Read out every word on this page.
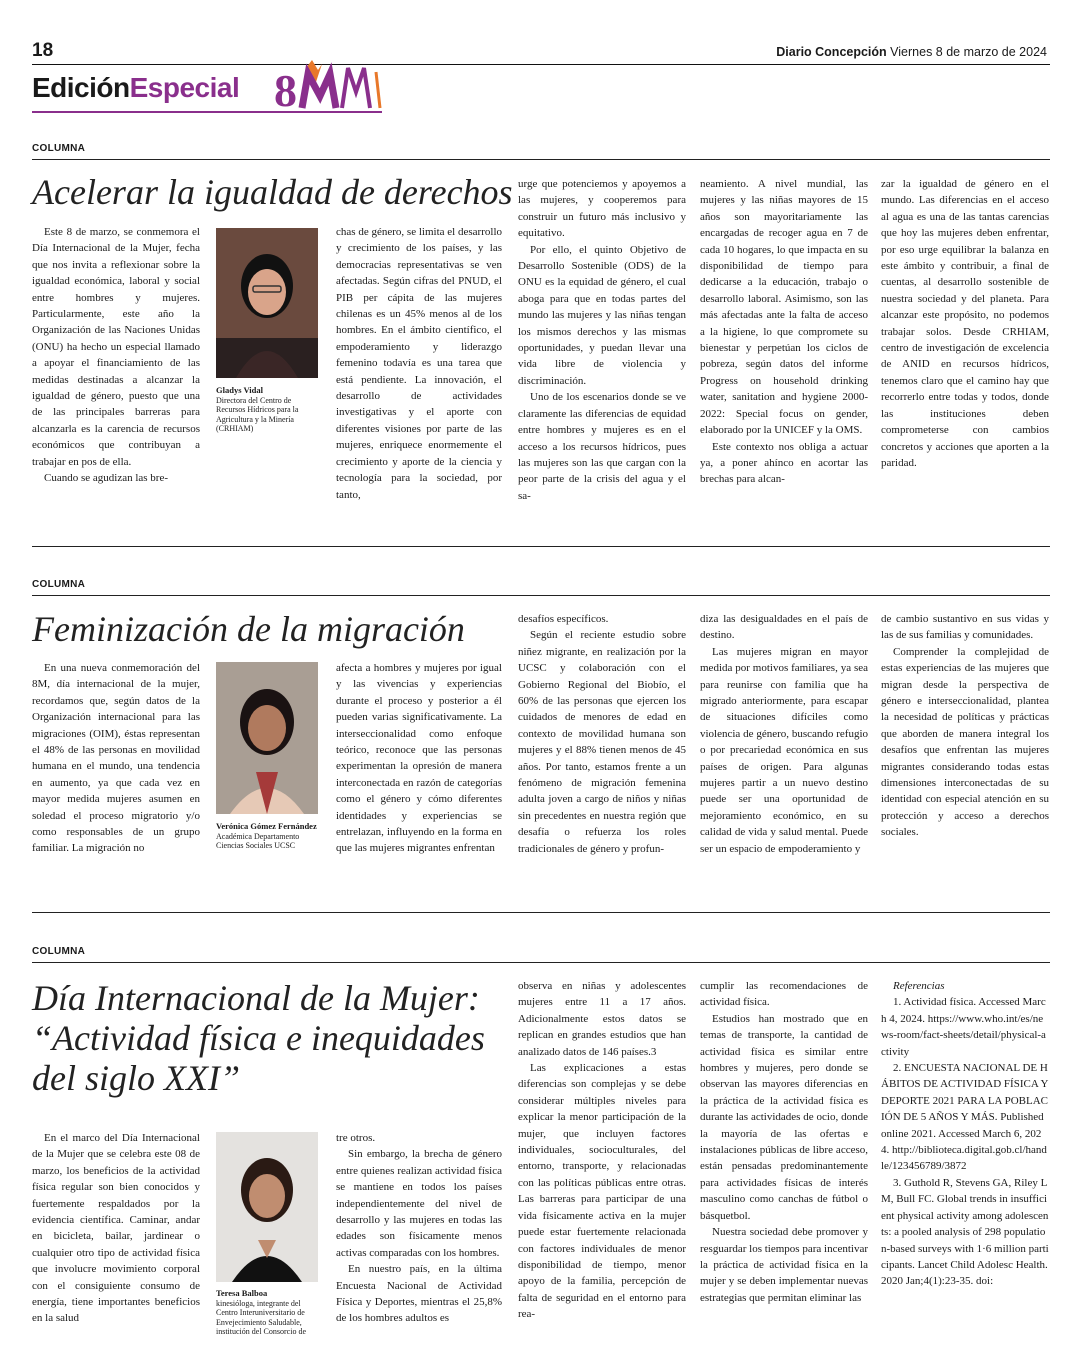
18	Diario Concepción Viernes 8 de marzo de 2024
EdiciónEspecial 8
COLUMNA
Acelerar la igualdad de derechos

Este 8 de marzo, se conmemora el Día Internacional de la Mujer, fecha que nos invita a reflexionar sobre la igualdad económica, laboral y social entre hombres y mujeres. Particularmente, este año la Organización de las Naciones Unidas (ONU) ha hecho un especial llamado a apoyar el financiamiento de las medidas destinadas a alcanzar la igualdad de género, puesto que una de las principales barreras para alcanzarla es la carencia de recursos económicos que contribuyan a trabajar en pos de ella.

Cuando se agudizan las bre-

Gladys Vidal
Directora del Centro de Recursos Hídricos para la Agricultura y la Minería (CRHIAM)

chas de género, se limita el desarrollo y crecimiento de los países, y las democracias representativas se ven afectadas. Según cifras del PNUD, el PIB per cápita de las mujeres chilenas es un 45% menos al de los hombres. En el ámbito científico, el empoderamiento y liderazgo femenino todavía es una tarea que está pendiente. La innovación, el desarrollo de actividades investigativas y el aporte con diferentes visiones por parte de las mujeres, enriquece enormemente el crecimiento y aporte de la ciencia y tecnología para la sociedad, por tanto,

urge que potenciemos y apoyemos a las mujeres, y cooperemos para construir un futuro más inclusivo y equitativo.

Por ello, el quinto Objetivo de Desarrollo Sostenible (ODS) de la ONU es la equidad de género, el cual aboga para que en todas partes del mundo las mujeres y las niñas tengan los mismos derechos y las mismas oportunidades, y puedan llevar una vida libre de violencia y discriminación.

Uno de los escenarios donde se ve claramente las diferencias de equidad entre hombres y mujeres es en el acceso a los recursos hídricos, pues las mujeres son las que cargan con la peor parte de la crisis del agua y el sa-

neamiento. A nivel mundial, las mujeres y las niñas mayores de 15 años son mayoritariamente las encargadas de recoger agua en 7 de cada 10 hogares, lo que impacta en su disponibilidad de tiempo para dedicarse a la educación, trabajo o desarrollo laboral. Asimismo, son las más afectadas ante la falta de acceso a la higiene, lo que compromete su bienestar y perpetúan los ciclos de pobreza, según datos del informe Progress on household drinking water, sanitation and hygiene 2000-2022: Special focus on gender, elaborado por la UNICEF y la OMS.

Este contexto nos obliga a actuar ya, a poner ahínco en acortar las brechas para alcan-

zar la igualdad de género en el mundo. Las diferencias en el acceso al agua es una de las tantas carencias que hoy las mujeres deben enfrentar, por eso urge equilibrar la balanza en este ámbito y contribuir, a final de cuentas, al desarrollo sostenible de nuestra sociedad y del planeta. Para alcanzar este propósito, no podemos trabajar solos. Desde CRHIAM, centro de investigación de excelencia de ANID en recursos hídricos, tenemos claro que el camino hay que recorrerlo entre todas y todos, donde las instituciones deben comprometerse con cambios concretos y acciones que aporten a la paridad.

COLUMNA
Feminización de la migración

En una nueva conmemoración del 8M, día internacional de la mujer, recordamos que, según datos de la Organización internacional para las migraciones (OIM), éstas representan el 48% de las personas en movilidad humana en el mundo, una tendencia en aumento, ya que cada vez en mayor medida mujeres asumen en soledad el proceso migratorio y/o como responsables de un grupo familiar. La migración no

Verónica Gómez Fernández
Académica Departamento Ciencias Sociales UCSC

afecta a hombres y mujeres por igual y las vivencias y experiencias durante el proceso y posterior a él pueden varias significativamente. La interseccionalidad como enfoque teórico, reconoce que las personas experimentan la opresión de manera interconectada en razón de categorías como el género y cómo diferentes identidades y experiencias se entrelazan, influyendo en la forma en que las mujeres migrantes enfrentan

desafíos específicos.

Según el reciente estudio sobre niñez migrante, en realización por la UCSC y colaboración con el Gobierno Regional del Biobío, el 60% de las personas que ejercen los cuidados de menores de edad en contexto de movilidad humana son mujeres y el 88% tienen menos de 45 años. Por tanto, estamos frente a un fenómeno de migración femenina adulta joven a cargo de niños y niñas sin precedentes en nuestra región que desafía o refuerza los roles tradicionales de género y profun-

diza las desigualdades en el país de destino.

Las mujeres migran en mayor medida por motivos familiares, ya sea para reunirse con familia que ha migrado anteriormente, para escapar de situaciones difíciles como violencia de género, buscando refugio o por precariedad económica en sus países de origen. Para algunas mujeres partir a un nuevo destino puede ser una oportunidad de mejoramiento económico, en su calidad de vida y salud mental. Puede ser un espacio de empoderamiento y

de cambio sustantivo en sus vidas y las de sus familias y comunidades.

Comprender la complejidad de estas experiencias de las mujeres que migran desde la perspectiva de género e interseccionalidad, plantea la necesidad de políticas y prácticas que aborden de manera integral los desafíos que enfrentan las mujeres migrantes considerando todas estas dimensiones interconectadas de su identidad con especial atención en su protección y acceso a derechos sociales.

COLUMNA
Día Internacional de la Mujer: “Actividad física e inequidades del siglo XXI”

En el marco del Día Internacional de la Mujer que se celebra este 08 de marzo, los beneficios de la actividad física regular son bien conocidos y fuertemente respaldados por la evidencia científica. Caminar, andar en bicicleta, bailar, jardinear o cualquier otro tipo de actividad física que involucre movimiento corporal con el consiguiente consumo de energía, tiene importantes beneficios en la salud

Teresa Balboa
kinesióloga, integrante del Centro Interuniversitario de Envejecimiento Saludable, institución del Consorcio de

tre otros.

Sin embargo, la brecha de género entre quienes realizan actividad física se mantiene en todos los países independientemente del nivel de desarrollo y las mujeres en todas las edades son físicamente menos activas comparadas con los hombres.

En nuestro país, en la última Encuesta Nacional de Actividad Física y Deportes, mientras el 25,8% de los hombres adultos es

observa en niñas y adolescentes mujeres entre 11 a 17 años. Adicionalmente estos datos se replican en grandes estudios que han analizado datos de 146 países.3

Las explicaciones a estas diferencias son complejas y se debe considerar múltiples niveles para explicar la menor participación de la mujer, que incluyen factores individuales, socioculturales, del entorno, transporte, y relacionadas con las políticas públicas entre otras. Las barreras para participar de una vida físicamente activa en la mujer puede estar fuertemente relacionada con factores individuales de menor disponibilidad de tiempo, menor apoyo de la familia, percepción de falta de seguridad en el entorno para rea-

cumplir las recomendaciones de actividad física.

Estudios han mostrado que en temas de transporte, la cantidad de actividad física es similar entre hombres y mujeres, pero donde se observan las mayores diferencias en la práctica de la actividad física es durante las actividades de ocio, donde la mayoría de las ofertas e instalaciones públicas de libre acceso, están pensadas predominantemente para actividades físicas de interés masculino como canchas de fútbol o básquetbol.

Nuestra sociedad debe promover y resguardar los tiempos para incentivar la práctica de actividad física en la mujer y se deben implementar nuevas estrategias que permitan eliminar las

Referencias

1. Actividad física. Accessed March 4, 2024. https://www.who.int/es/news-room/fact-sheets/detail/physical-activity

2. ENCUESTA NACIONAL DE HÁBITOS DE ACTIVIDAD FÍSICA Y DEPORTE 2021 PARA LA POBLACIÓN DE 5 AÑOS Y MÁS. Published online 2021. Accessed March 6, 2024. http://biblioteca.digital.gob.cl/handle/123456789/3872

3. Guthold R, Stevens GA, Riley LM, Bull FC. Global trends in insufficient physical activity among adolescents: a pooled analysis of 298 population-based surveys with 1·6 million participants. Lancet Child Adolesc Health. 2020 Jan;4(1):23-35. doi:
